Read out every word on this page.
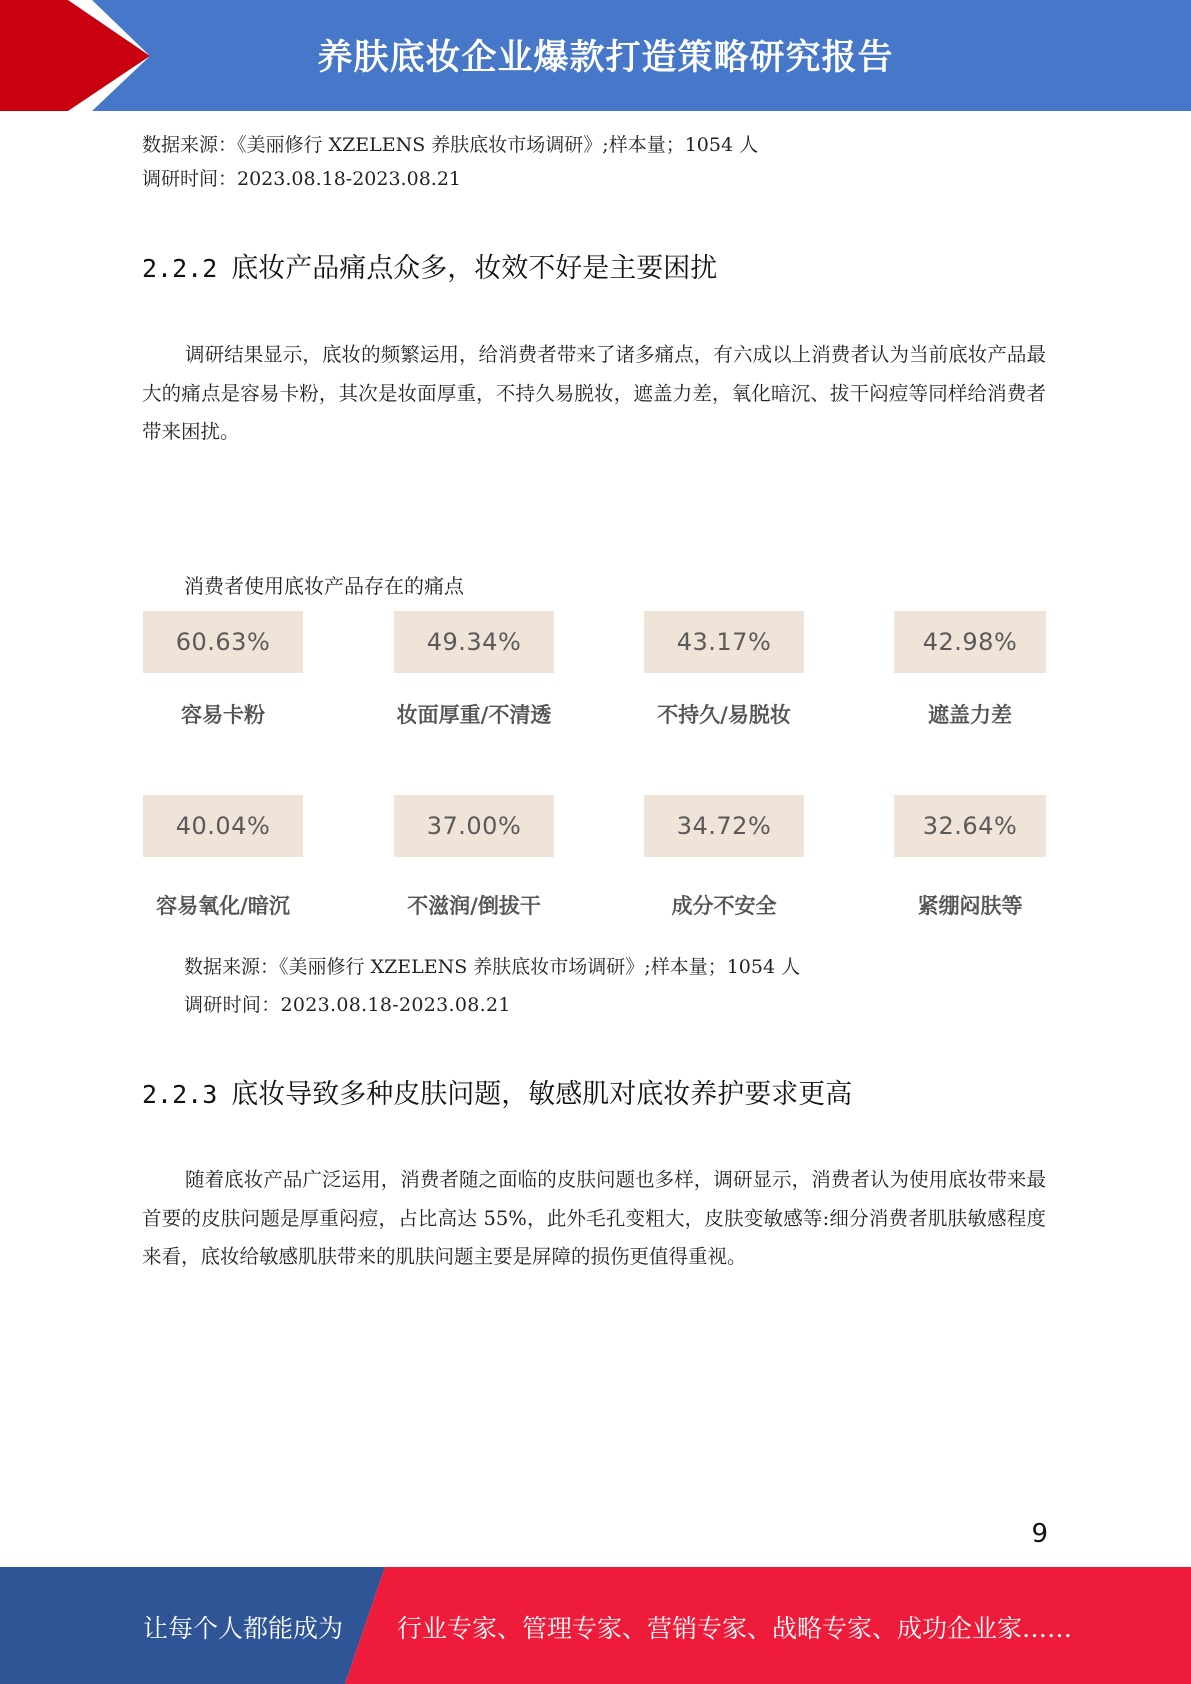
养肤底妆企业爆款打造策略研究报告
数据来源：《美丽修行 XZELENS 养肤底妆市场调研》;样本量；1054 人
调研时间：2023.08.18-2023.08.21
2.2.2 底妆产品痛点众多，妆效不好是主要困扰
调研结果显示，底妆的频繁运用，给消费者带来了诸多痛点，有六成以上消费者认为当前底妆产品最大的痛点是容易卡粉，其次是妆面厚重，不持久易脱妆，遮盖力差，氧化暗沉、拔干闷痘等同样给消费者带来困扰。
消费者使用底妆产品存在的痛点
60.63%
容易卡粉
49.34%
妆面厚重/不清透
43.17%
不持久/易脱妆
42.98%
遮盖力差
40.04%
容易氧化/暗沉
37.00%
不滋润/倒拔干
34.72%
成分不安全
32.64%
紧绷闷肤等
数据来源：《美丽修行 XZELENS 养肤底妆市场调研》;样本量；1054 人
调研时间：2023.08.18-2023.08.21
2.2.3 底妆导致多种皮肤问题，敏感肌对底妆养护要求更高
随着底妆产品广泛运用，消费者随之面临的皮肤问题也多样，调研显示，消费者认为使用底妆带来最首要的皮肤问题是厚重闷痘，占比高达 55%，此外毛孔变粗大，皮肤变敏感等:细分消费者肌肤敏感程度来看，底妆给敏感肌肤带来的肌肤问题主要是屏障的损伤更值得重视。
9
让每个人都能成为 行业专家、管理专家、营销专家、战略专家、成功企业家……
